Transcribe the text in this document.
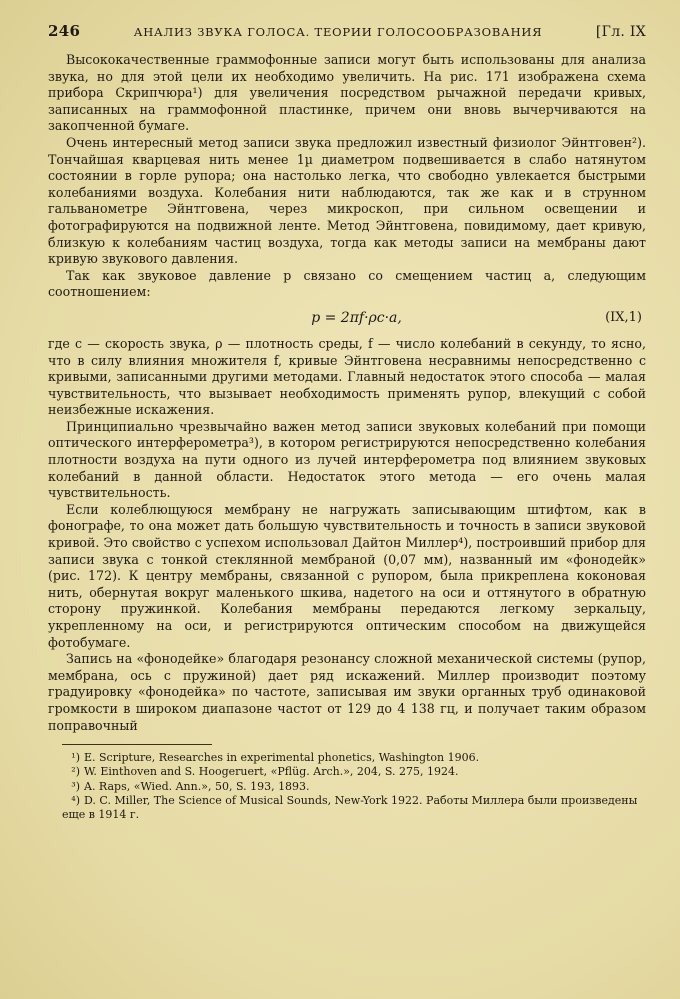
246	АНАЛИЗ ЗВУКА ГОЛОСА. ТЕОРИИ ГОЛОСООБРАЗОВАНИЯ	[Гл. IX

Высококачественные граммофонные записи могут быть использованы для анализа звука, но для этой цели их необходимо увеличить. На рис. 171 изображена схема прибора Скрипчюра¹) для увеличения посредством рычажной передачи кривых, записанных на граммофонной пластинке, причем они вновь вычерчиваются на закопченной бумаге.

Очень интересный метод записи звука предложил известный физиолог Эйнтговен²). Тончайшая кварцевая нить менее 1µ диаметром подвешивается в слабо натянутом состоянии в горле рупора; она настолько легка, что свободно увлекается быстрыми колебаниями воздуха. Колебания нити наблюдаются, так же как и в струнном гальванометре Эйнтговена, через микроскоп, при сильном освещении и фотографируются на подвижной ленте. Метод Эйнтговена, повидимому, дает кривую, близкую к колебаниям частиц воздуха, тогда как методы записи на мембраны дают кривую звукового давления.

Так как звуковое давление p связано со смещением частиц a, следующим соотношением:

p = 2πf·ρc·a,	(IX,1)

где c — скорость звука, ρ — плотность среды, f — число колебаний в секунду, то ясно, что в силу влияния множителя f, кривые Эйнтговена несравнимы непосредственно с кривыми, записанными другими методами. Главный недостаток этого способа — малая чувствительность, что вызывает необходимость применять рупор, влекущий с собой неизбежные искажения.

Принципиально чрезвычайно важен метод записи звуковых колебаний при помощи оптического интерферометра³), в котором регистрируются непосредственно колебания плотности воздуха на пути одного из лучей интерферометра под влиянием звуковых колебаний в данной области. Недостаток этого метода — его очень малая чувствительность.

Если колеблющуюся мембрану не нагружать записывающим штифтом, как в фонографе, то она может дать большую чувствительность и точность в записи звуковой кривой. Это свойство с успехом использовал Дайтон Миллер⁴), построивший прибор для записи звука с тонкой стеклянной мембраной (0,07 мм), названный им «фонодейк» (рис. 172). К центру мембраны, связанной с рупором, была прикреплена коконовая нить, обернутая вокруг маленького шкива, надетого на оси и оттянутого в обратную сторону пружинкой. Колебания мембраны передаются легкому зеркальцу, укрепленному на оси, и регистрируются оптическим способом на движущейся фотобумаге.

Запись на «фонодейке» благодаря резонансу сложной механической системы (рупор, мембрана, ось с пружиной) дает ряд искажений. Миллер производит поэтому градуировку «фонодейка» по частоте, записывая им звуки органных труб одинаковой громкости в широком диапазоне частот от 129 до 4 138 гц, и получает таким образом поправочный

¹) E. Scripture, Researches in experimental phonetics, Washington 1906.
²) W. Einthoven and S. Hoogeruert, «Pflüg. Arch.», 204, S. 275, 1924.
³) A. Raps, «Wied. Ann.», 50, S. 193, 1893.
⁴) D. C. Miller, The Science of Musical Sounds, New-York 1922. Работы Миллера были произведены еще в 1914 г.
